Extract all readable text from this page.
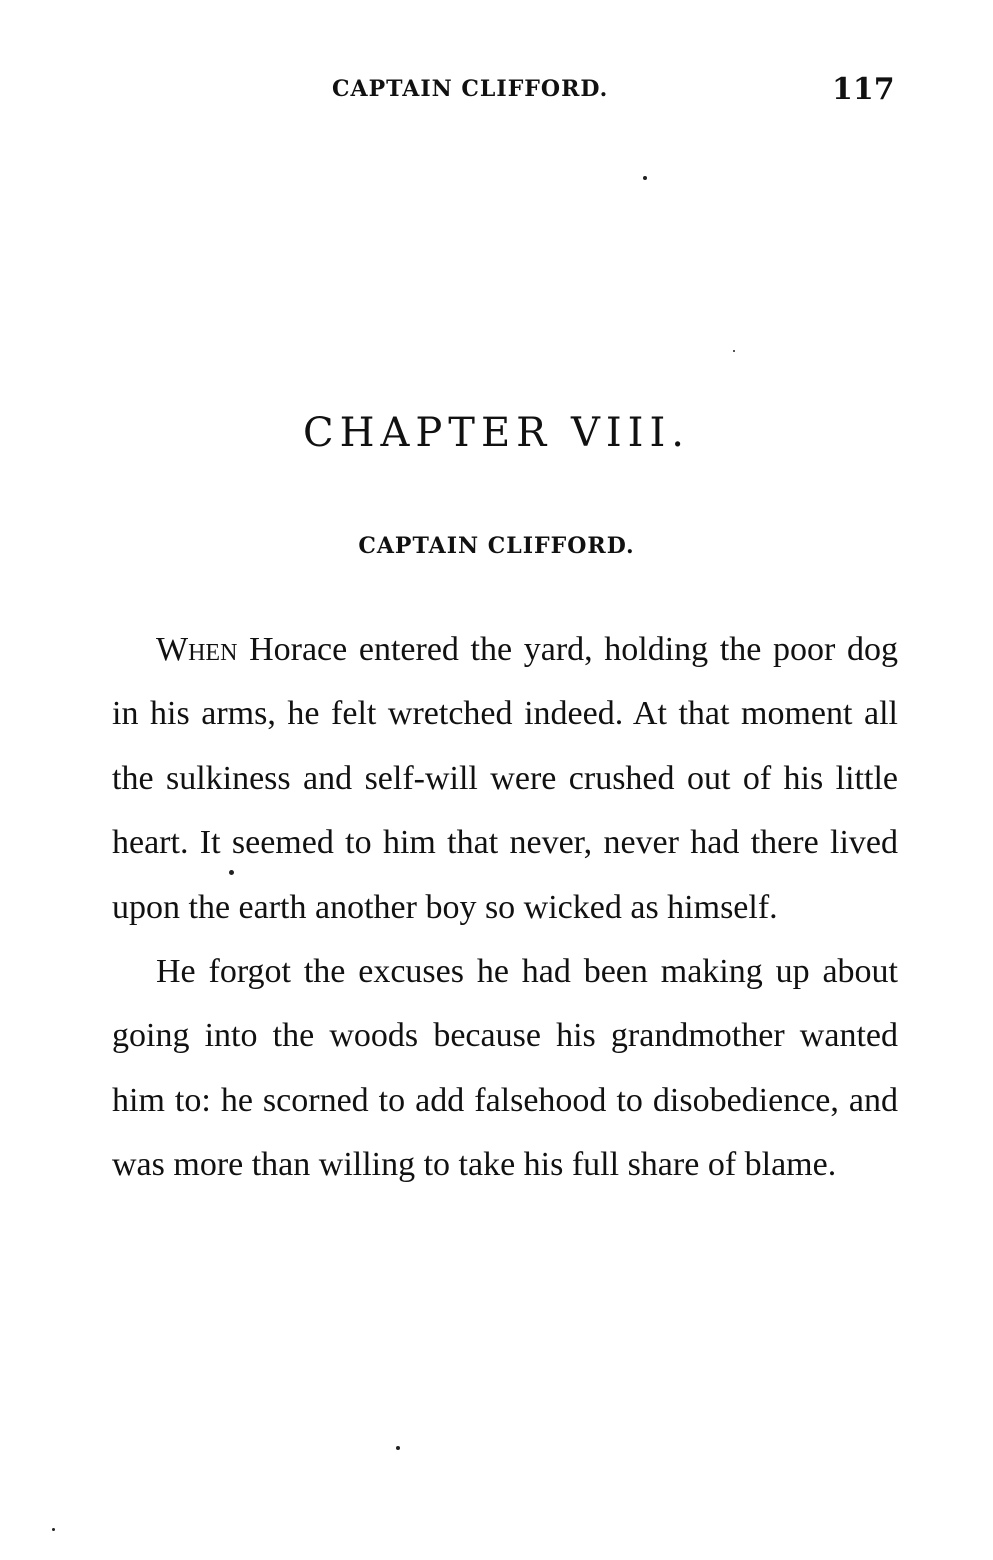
CAPTAIN CLIFFORD.	117
CHAPTER VIII.
CAPTAIN CLIFFORD.

When Horace entered the yard, holding the poor dog in his arms, he felt wretched indeed. At that moment all the sulkiness and self-will were crushed out of his little heart. It seemed to him that never, never had there lived upon the earth another boy so wicked as himself.

He forgot the excuses he had been making up about going into the woods because his grandmother wanted him to: he scorned to add falsehood to disobedience, and was more than willing to take his full share of blame.
